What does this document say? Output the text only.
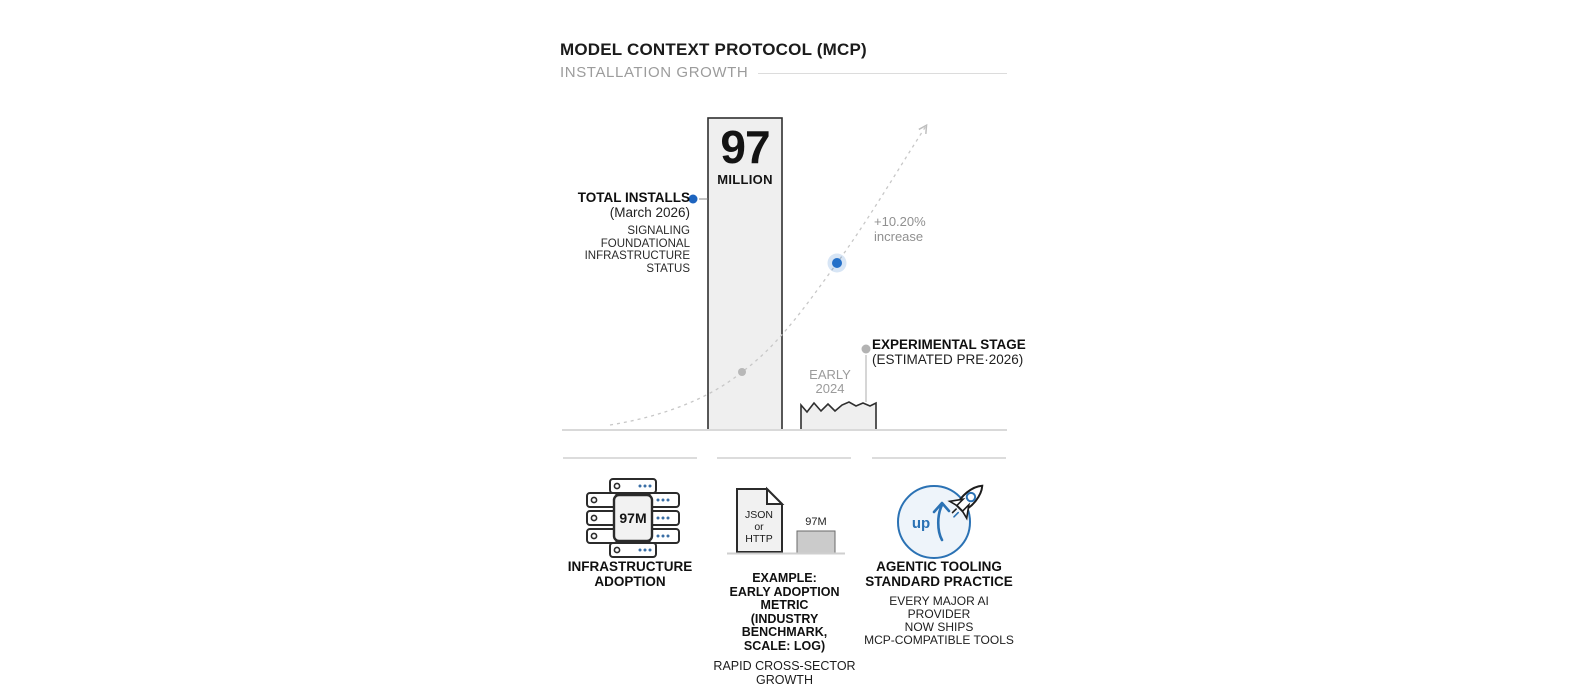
MODEL CONTEXT PROTOCOL (MCP)
INSTALLATION GROWTH
97
MILLION
TOTAL INSTALLS
(March 2026)
SIGNALING
FOUNDATIONAL
INFRASTRUCTURE
STATUS
+10.20%
increase
EXPERIMENTAL STAGE
(ESTIMATED PRE·2026)
EARLY
2024
97M	JSON
or
HTTP
97M	up
INFRASTRUCTURE
ADOPTION	EXAMPLE:
EARLY ADOPTION METRIC
(INDUSTRY BENCHMARK,
SCALE: LOG)
RAPID CROSS-SECTOR
GROWTH
AGENTIC TOOLING
STANDARD PRACTICE
EVERY MAJOR AI PROVIDER
NOW SHIPS
MCP-COMPATIBLE TOOLS
